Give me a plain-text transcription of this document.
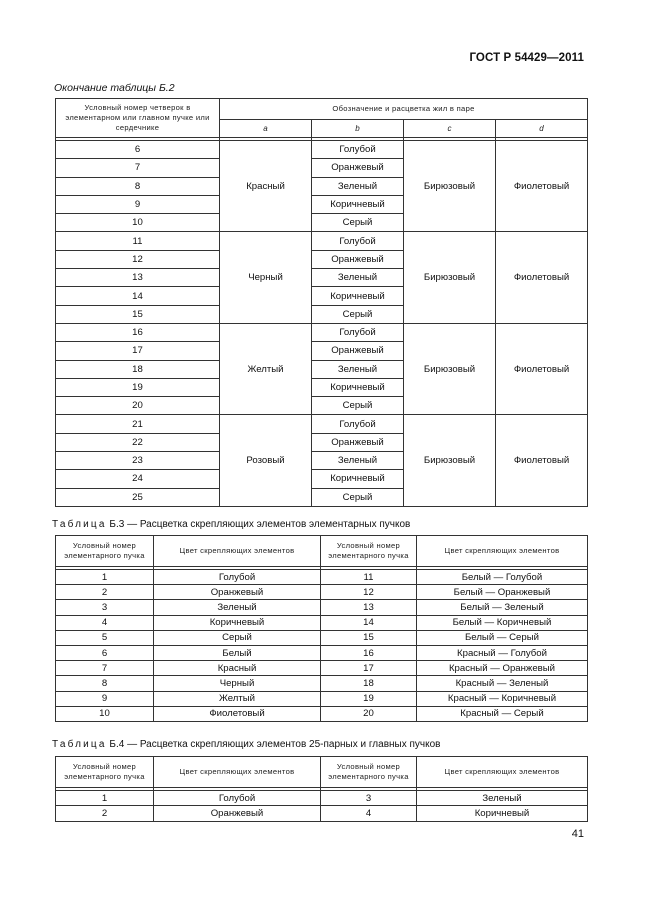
ГОСТ Р 54429—2011
Окончание таблицы Б.2
Условный номер четверок в элементарном или главном пучке или сердечнике	Обозначение и расцветка жил в паре			
	a	b	c	d

6	Красный	Голубой	Бирюзовый	Фиолетовый
7		Оранжевый		
8		Зеленый		
9		Коричневый		
10		Серый		
11	Черный	Голубой	Бирюзовый	Фиолетовый
12		Оранжевый		
13		Зеленый		
14		Коричневый		
15		Серый		
16	Желтый	Голубой	Бирюзовый	Фиолетовый
17		Оранжевый		
18		Зеленый		
19		Коричневый		
20		Серый		
21	Розовый	Голубой	Бирюзовый	Фиолетовый
22		Оранжевый		
23		Зеленый		
24		Коричневый		
25		Серый		
Таблица Б.3 — Расцветка скрепляющих элементов элементарных пучков
Условный номер элементарного пучка	Цвет скрепляющих элементов	Условный номер элементарного пучка	Цвет скрепляющих элементов

1	Голубой	11	Белый — Голубой
2	Оранжевый	12	Белый — Оранжевый
3	Зеленый	13	Белый — Зеленый
4	Коричневый	14	Белый — Коричневый
5	Серый	15	Белый — Серый
6	Белый	16	Красный — Голубой
7	Красный	17	Красный — Оранжевый
8	Черный	18	Красный — Зеленый
9	Желтый	19	Красный — Коричневый
10	Фиолетовый	20	Красный — Серый
Таблица Б.4 — Расцветка скрепляющих элементов 25-парных и главных пучков
Условный номер элементарного пучка	Цвет скрепляющих элементов	Условный номер элементарного пучка	Цвет скрепляющих элементов

1	Голубой	3	Зеленый
2	Оранжевый	4	Коричневый
41
